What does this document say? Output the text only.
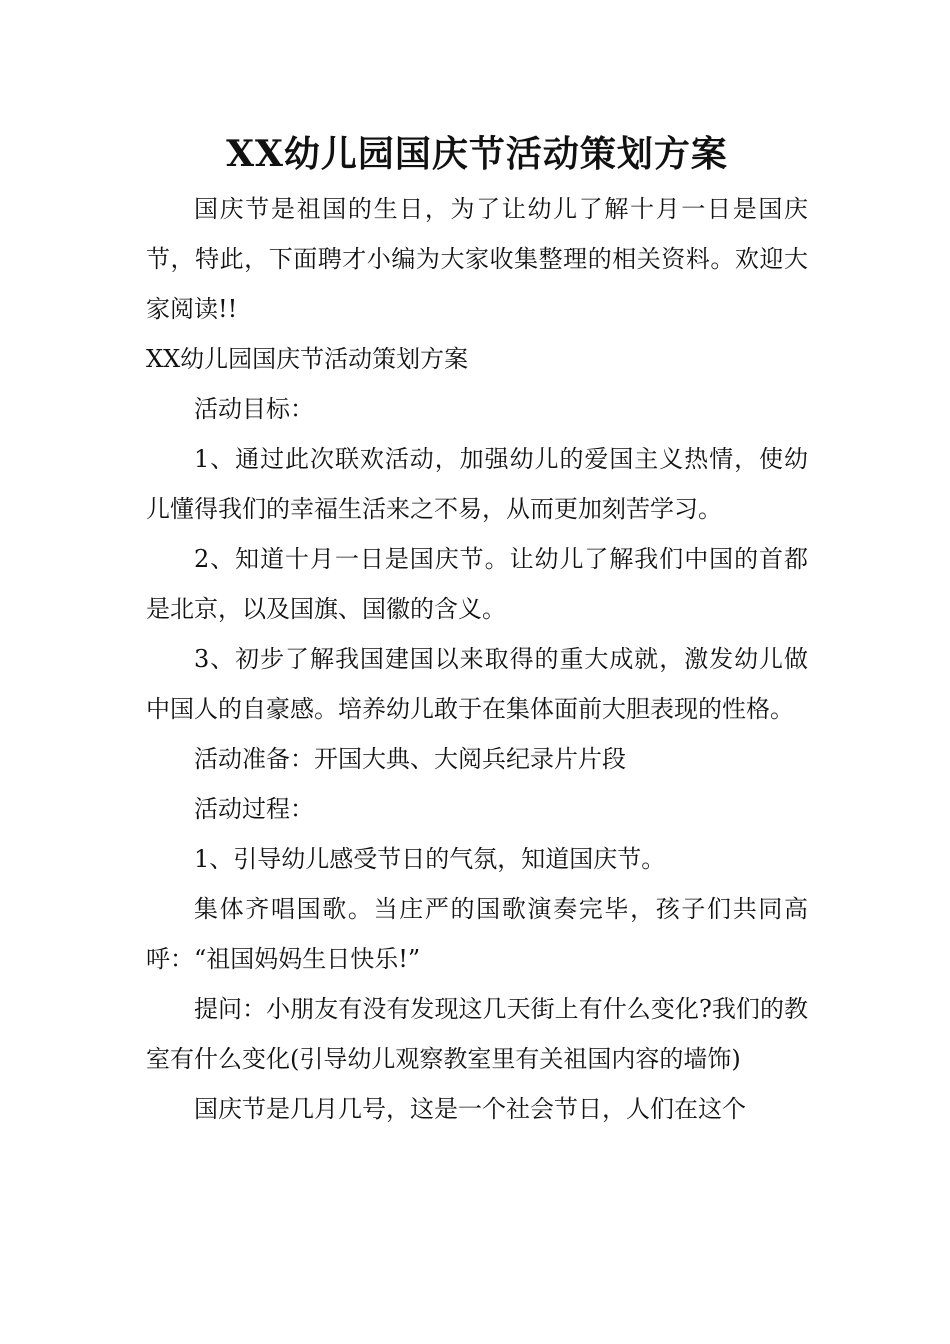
XX幼儿园国庆节活动策划方案

国庆节是祖国的生日，为了让幼儿了解十月一日是国庆节，特此，下面聘才小编为大家收集整理的相关资料。欢迎大家阅读!!

XX幼儿园国庆节活动策划方案

活动目标：

1、通过此次联欢活动，加强幼儿的爱国主义热情，使幼儿懂得我们的幸福生活来之不易，从而更加刻苦学习。

2、知道十月一日是国庆节。让幼儿了解我们中国的首都是北京，以及国旗、国徽的含义。

3、初步了解我国建国以来取得的重大成就，激发幼儿做中国人的自豪感。培养幼儿敢于在集体面前大胆表现的性格。

活动准备：开国大典、大阅兵纪录片片段

活动过程：

1、引导幼儿感受节日的气氛，知道国庆节。

集体齐唱国歌。当庄严的国歌演奏完毕，孩子们共同高呼：“祖国妈妈生日快乐!”

提问：小朋友有没有发现这几天街上有什么变化?我们的教室有什么变化(引导幼儿观察教室里有关祖国内容的墙饰)

国庆节是几月几号，这是一个社会节日，人们在这个
